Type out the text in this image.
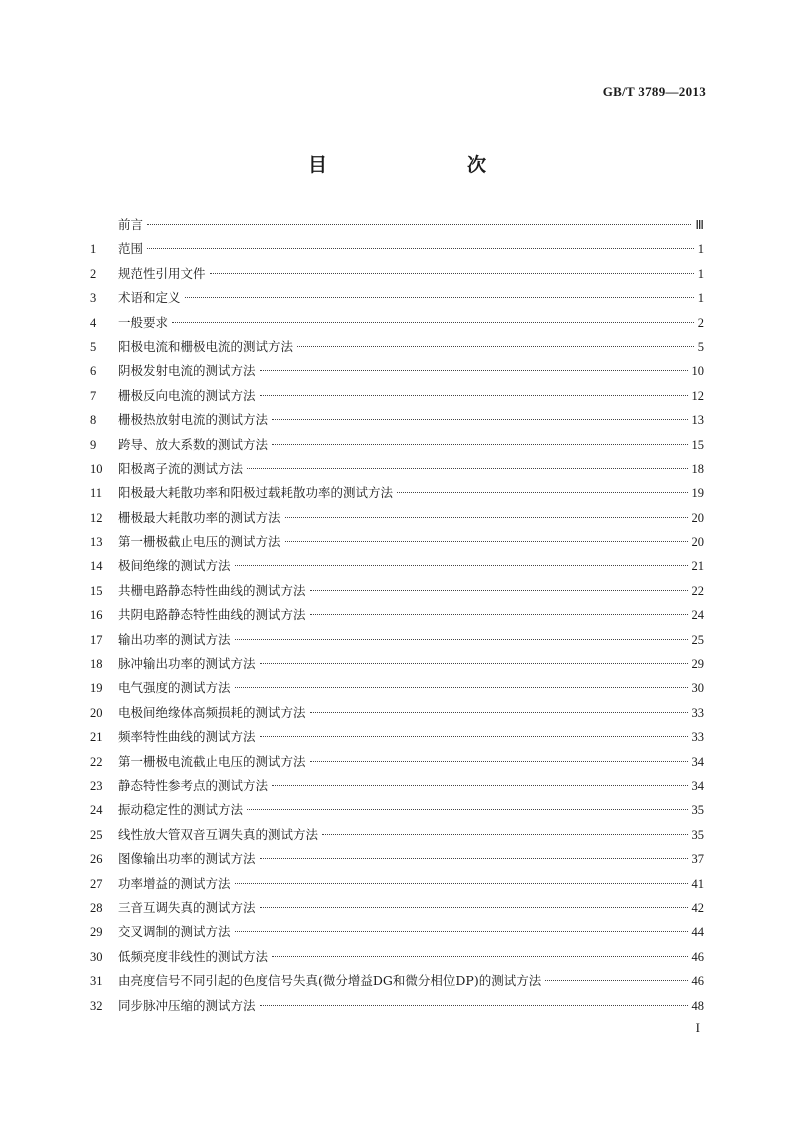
GB/T 3789—2013
目　　次
前言	Ⅲ
1	范围	1
2	规范性引用文件	1
3	术语和定义	1
4	一般要求	2
5	阳极电流和栅极电流的测试方法	5
6	阴极发射电流的测试方法	10
7	栅极反向电流的测试方法	12
8	栅极热放射电流的测试方法	13
9	跨导、放大系数的测试方法	15
10	阳极离子流的测试方法	18
11	阳极最大耗散功率和阳极过载耗散功率的测试方法	19
12	栅极最大耗散功率的测试方法	20
13	第一栅极截止电压的测试方法	20
14	极间绝缘的测试方法	21
15	共栅电路静态特性曲线的测试方法	22
16	共阴电路静态特性曲线的测试方法	24
17	输出功率的测试方法	25
18	脉冲输出功率的测试方法	29
19	电气强度的测试方法	30
20	电极间绝缘体高频损耗的测试方法	33
21	频率特性曲线的测试方法	33
22	第一栅极电流截止电压的测试方法	34
23	静态特性参考点的测试方法	34
24	振动稳定性的测试方法	35
25	线性放大管双音互调失真的测试方法	35
26	图像输出功率的测试方法	37
27	功率增益的测试方法	41
28	三音互调失真的测试方法	42
29	交叉调制的测试方法	44
30	低频亮度非线性的测试方法	46
31	由亮度信号不同引起的色度信号失真(微分增益DG和微分相位DP)的测试方法	46
32	同步脉冲压缩的测试方法	48
I
